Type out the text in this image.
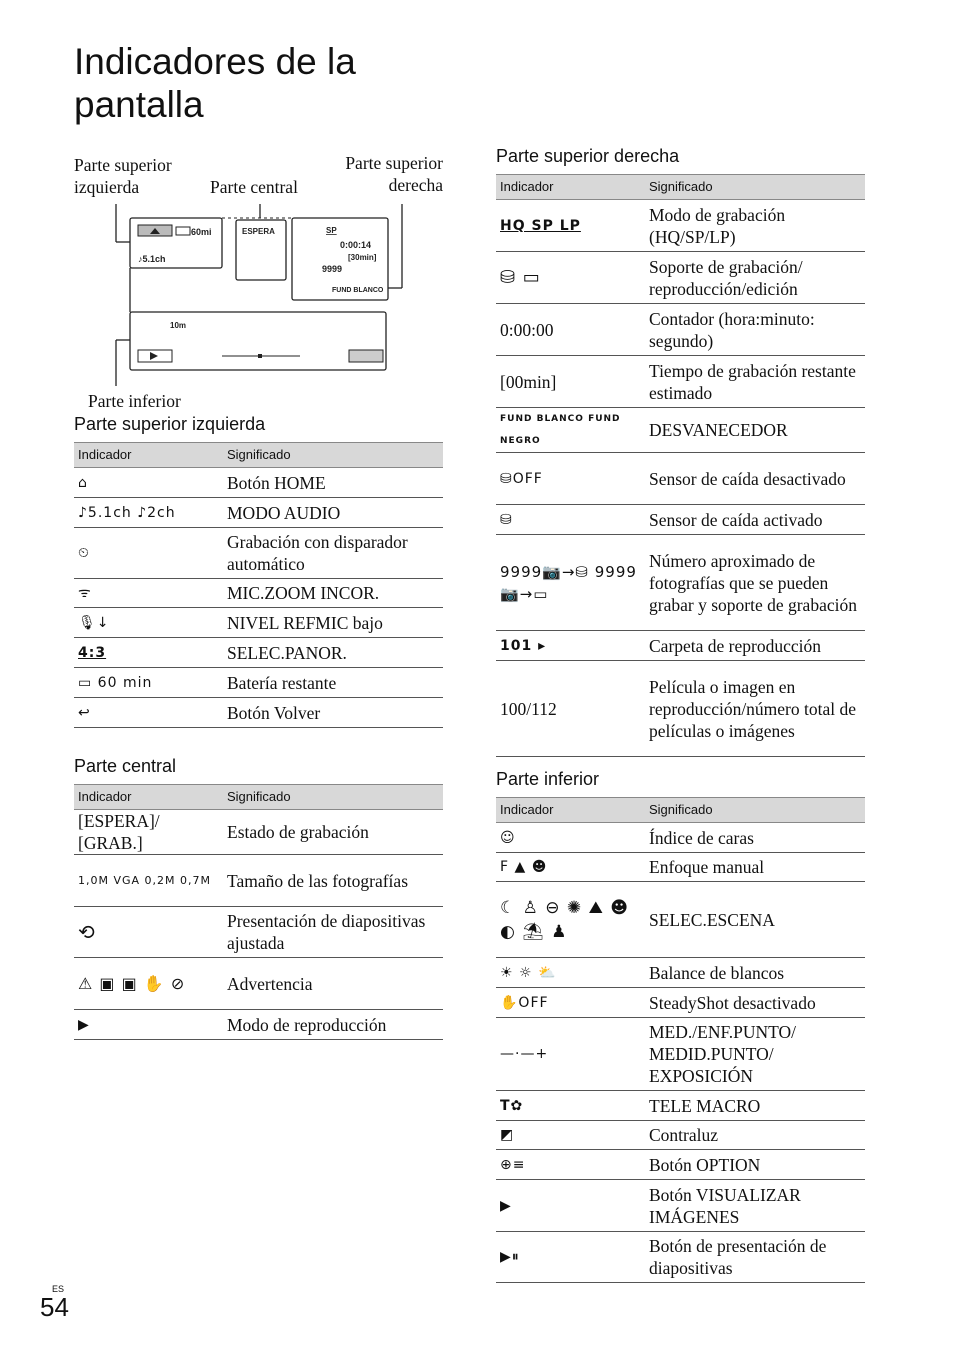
Indicadores de la pantalla
Parte superior izquierda	Parte central
Parte superior derecha
Parte inferior
60mi
♪5.1ch
ESPERA	SP
0:00:14
[30min]
9999
FUND BLANCO
10m
Parte superior izquierda
Indicador	Significado
⌂	Botón HOME
♪5.1ch ♪2ch	MODO AUDIO
⏲	Grabación con disparador automático
ᯤ	MIC.ZOOM INCOR.
🎙↓	NIVEL REFMIC bajo
4:3	SELEC.PANOR.
▭ 60 min	Batería restante
↩	Botón Volver
Parte central
Indicador	Significado
[ESPERA]/ [GRAB.]	Estado de grabación
1,0M VGA 0,2M 0,7M	Tamaño de las fotografías
⟲	Presentación de diapositivas ajustada
⚠ ▣ ▣ ✋ ⊘	Advertencia
▶	Modo de reproducción
Parte superior derecha
Indicador	Significado
HQ SP LP	Modo de grabación (HQ/SP/LP)
⛁ ▭	Soporte de grabación/ reproducción/edición
0:00:00	Contador (hora:minuto: segundo)
[00min]	Tiempo de grabación restante estimado
FUND BLANCO FUND NEGRO	DESVANECEDOR
⛁OFF	Sensor de caída desactivado
⛁	Sensor de caída activado
9999📷→⛁ 9999📷→▭	Número aproximado de fotografías que se pueden grabar y soporte de grabación
101 ▸	Carpeta de reproducción
100/112	Película o imagen en reproducción/número total de películas o imágenes
Parte inferior
Indicador	Significado
☺	Índice de caras
F ▲ ☻	Enfoque manual
☾ ♙ ⊖ ✺ ⛰ ☻ ◐ ⛱ ♟	SELEC.ESCENA
☀ ☼ ⛅	Balance de blancos
✋OFF	SteadyShot desactivado
—·—+	MED./ENF.PUNTO/ MEDID.PUNTO/ EXPOSICIÓN
T✿	TELE MACRO
◩	Contraluz
⊕≡	Botón OPTION
▶	Botón VISUALIZAR IMÁGENES
▶⏸	Botón de presentación de diapositivas
ES
54
